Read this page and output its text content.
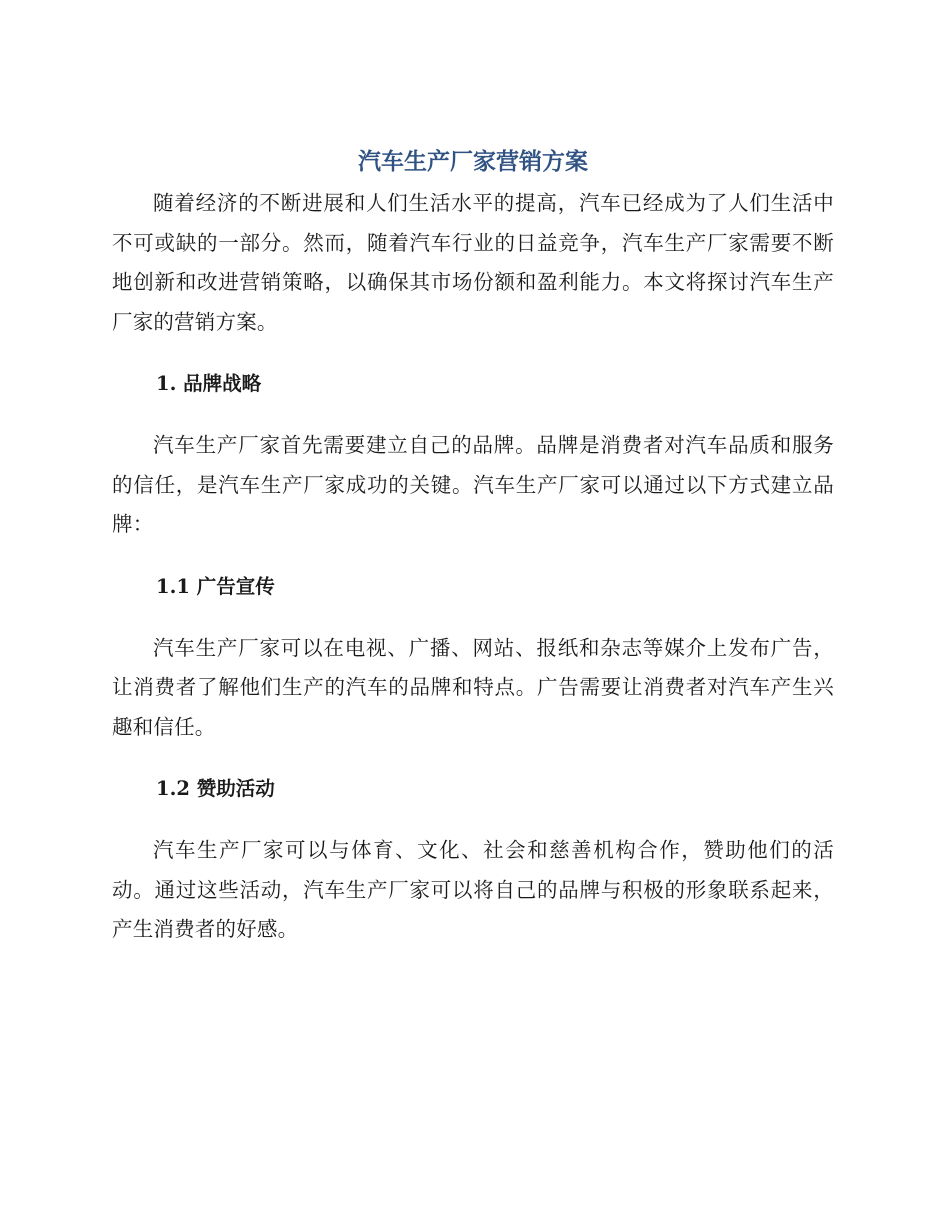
汽车生产厂家营销方案

随着经济的不断进展和人们生活水平的提高，汽车已经成为了人们生活中不可或缺的一部分。然而，随着汽车行业的日益竞争，汽车生产厂家需要不断地创新和改进营销策略，以确保其市场份额和盈利能力。本文将探讨汽车生产厂家的营销方案。

1. 品牌战略

汽车生产厂家首先需要建立自己的品牌。品牌是消费者对汽车品质和服务的信任，是汽车生产厂家成功的关键。汽车生产厂家可以通过以下方式建立品牌：

1.1 广告宣传

汽车生产厂家可以在电视、广播、网站、报纸和杂志等媒介上发布广告，让消费者了解他们生产的汽车的品牌和特点。广告需要让消费者对汽车产生兴趣和信任。

1.2 赞助活动

汽车生产厂家可以与体育、文化、社会和慈善机构合作，赞助他们的活动。通过这些活动，汽车生产厂家可以将自己的品牌与积极的形象联系起来，产生消费者的好感。
